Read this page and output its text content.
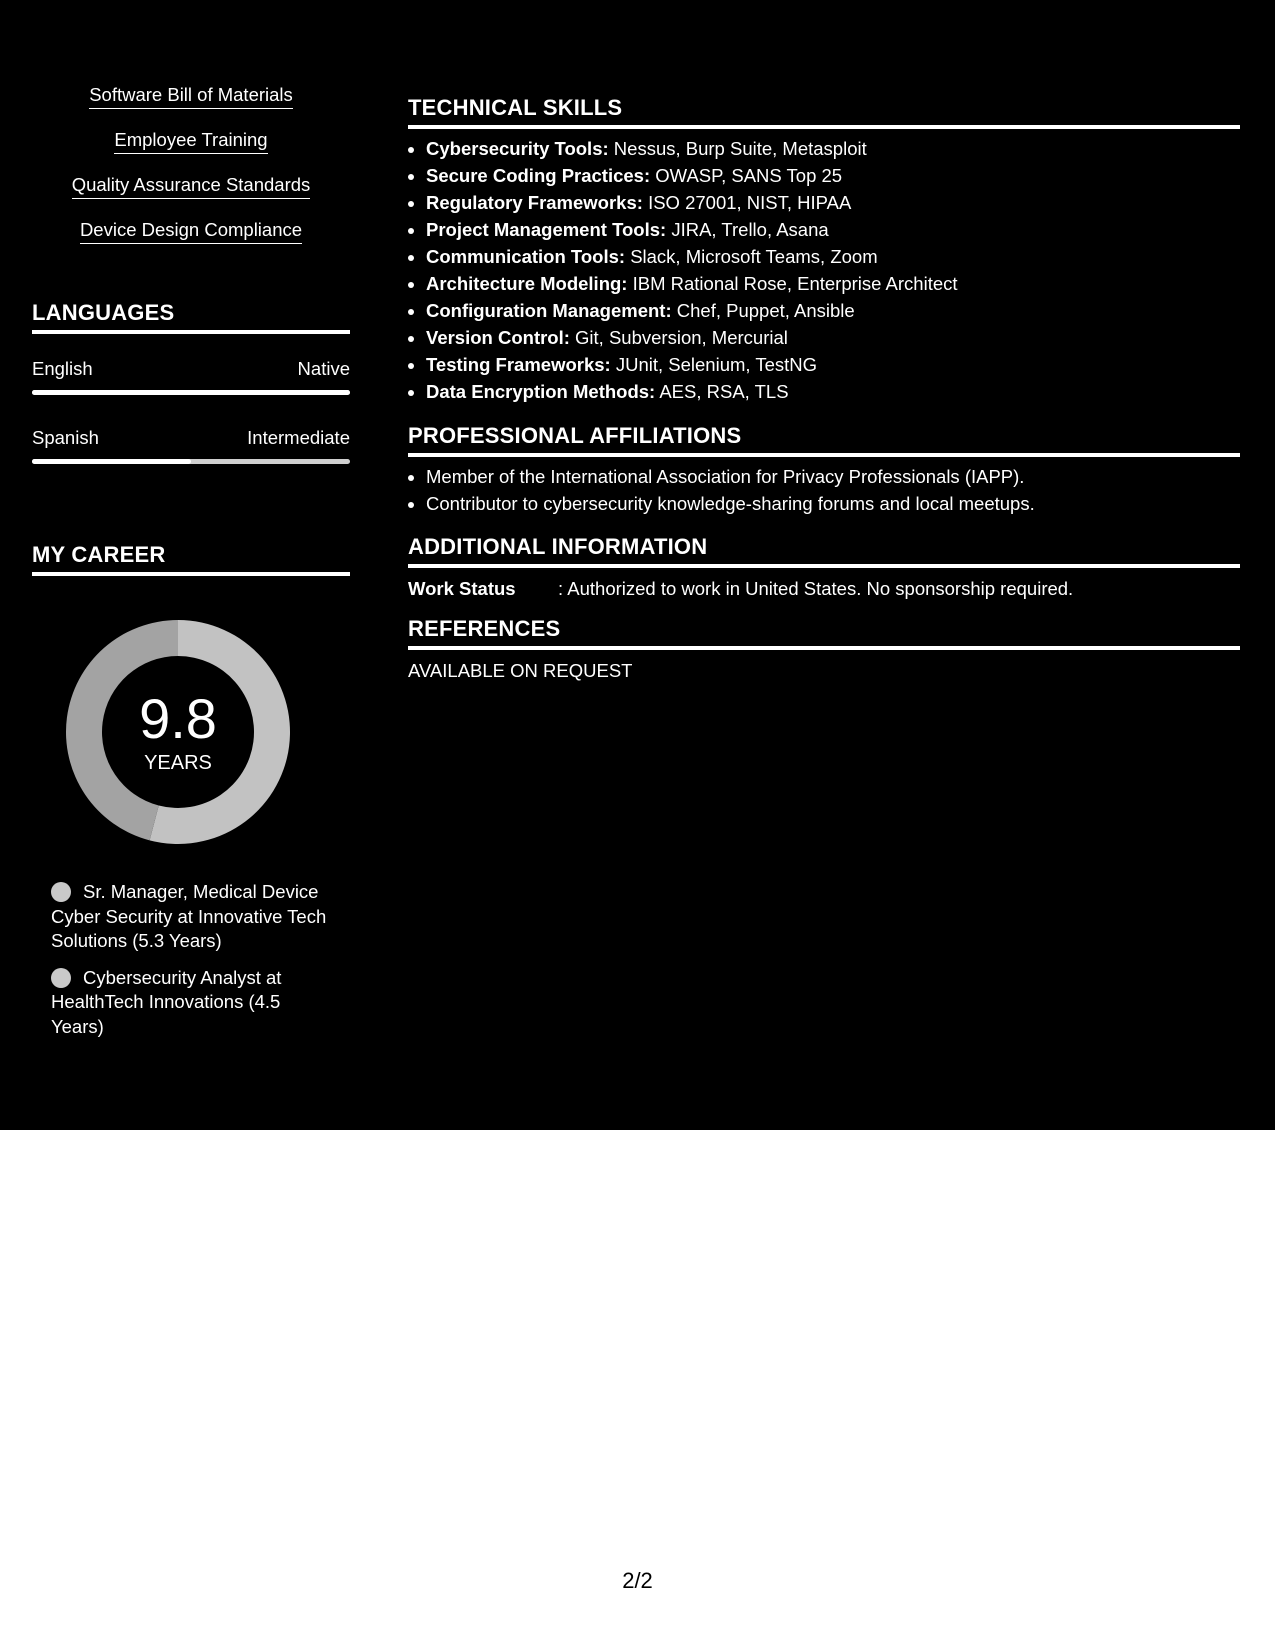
Software Bill of Materials
Employee Training
Quality Assurance Standards
Device Design Compliance
LANGUAGES
English	Native
Spanish	Intermediate
MY CAREER
9.8
YEARS
Sr. Manager, Medical Device Cyber Security at Innovative Tech Solutions (5.3 Years)
Cybersecurity Analyst at HealthTech Innovations (4.5 Years)
TECHNICAL SKILLS
• Cybersecurity Tools: Nessus, Burp Suite, Metasploit
• Secure Coding Practices: OWASP, SANS Top 25
• Regulatory Frameworks: ISO 27001, NIST, HIPAA
• Project Management Tools: JIRA, Trello, Asana
• Communication Tools: Slack, Microsoft Teams, Zoom
• Architecture Modeling: IBM Rational Rose, Enterprise Architect
• Configuration Management: Chef, Puppet, Ansible
• Version Control: Git, Subversion, Mercurial
• Testing Frameworks: JUnit, Selenium, TestNG
• Data Encryption Methods: AES, RSA, TLS
PROFESSIONAL AFFILIATIONS
• Member of the International Association for Privacy Professionals (IAPP).
• Contributor to cybersecurity knowledge-sharing forums and local meetups.
ADDITIONAL INFORMATION
Work Status	: Authorized to work in United States. No sponsorship required.
REFERENCES
AVAILABLE ON REQUEST
2/2
